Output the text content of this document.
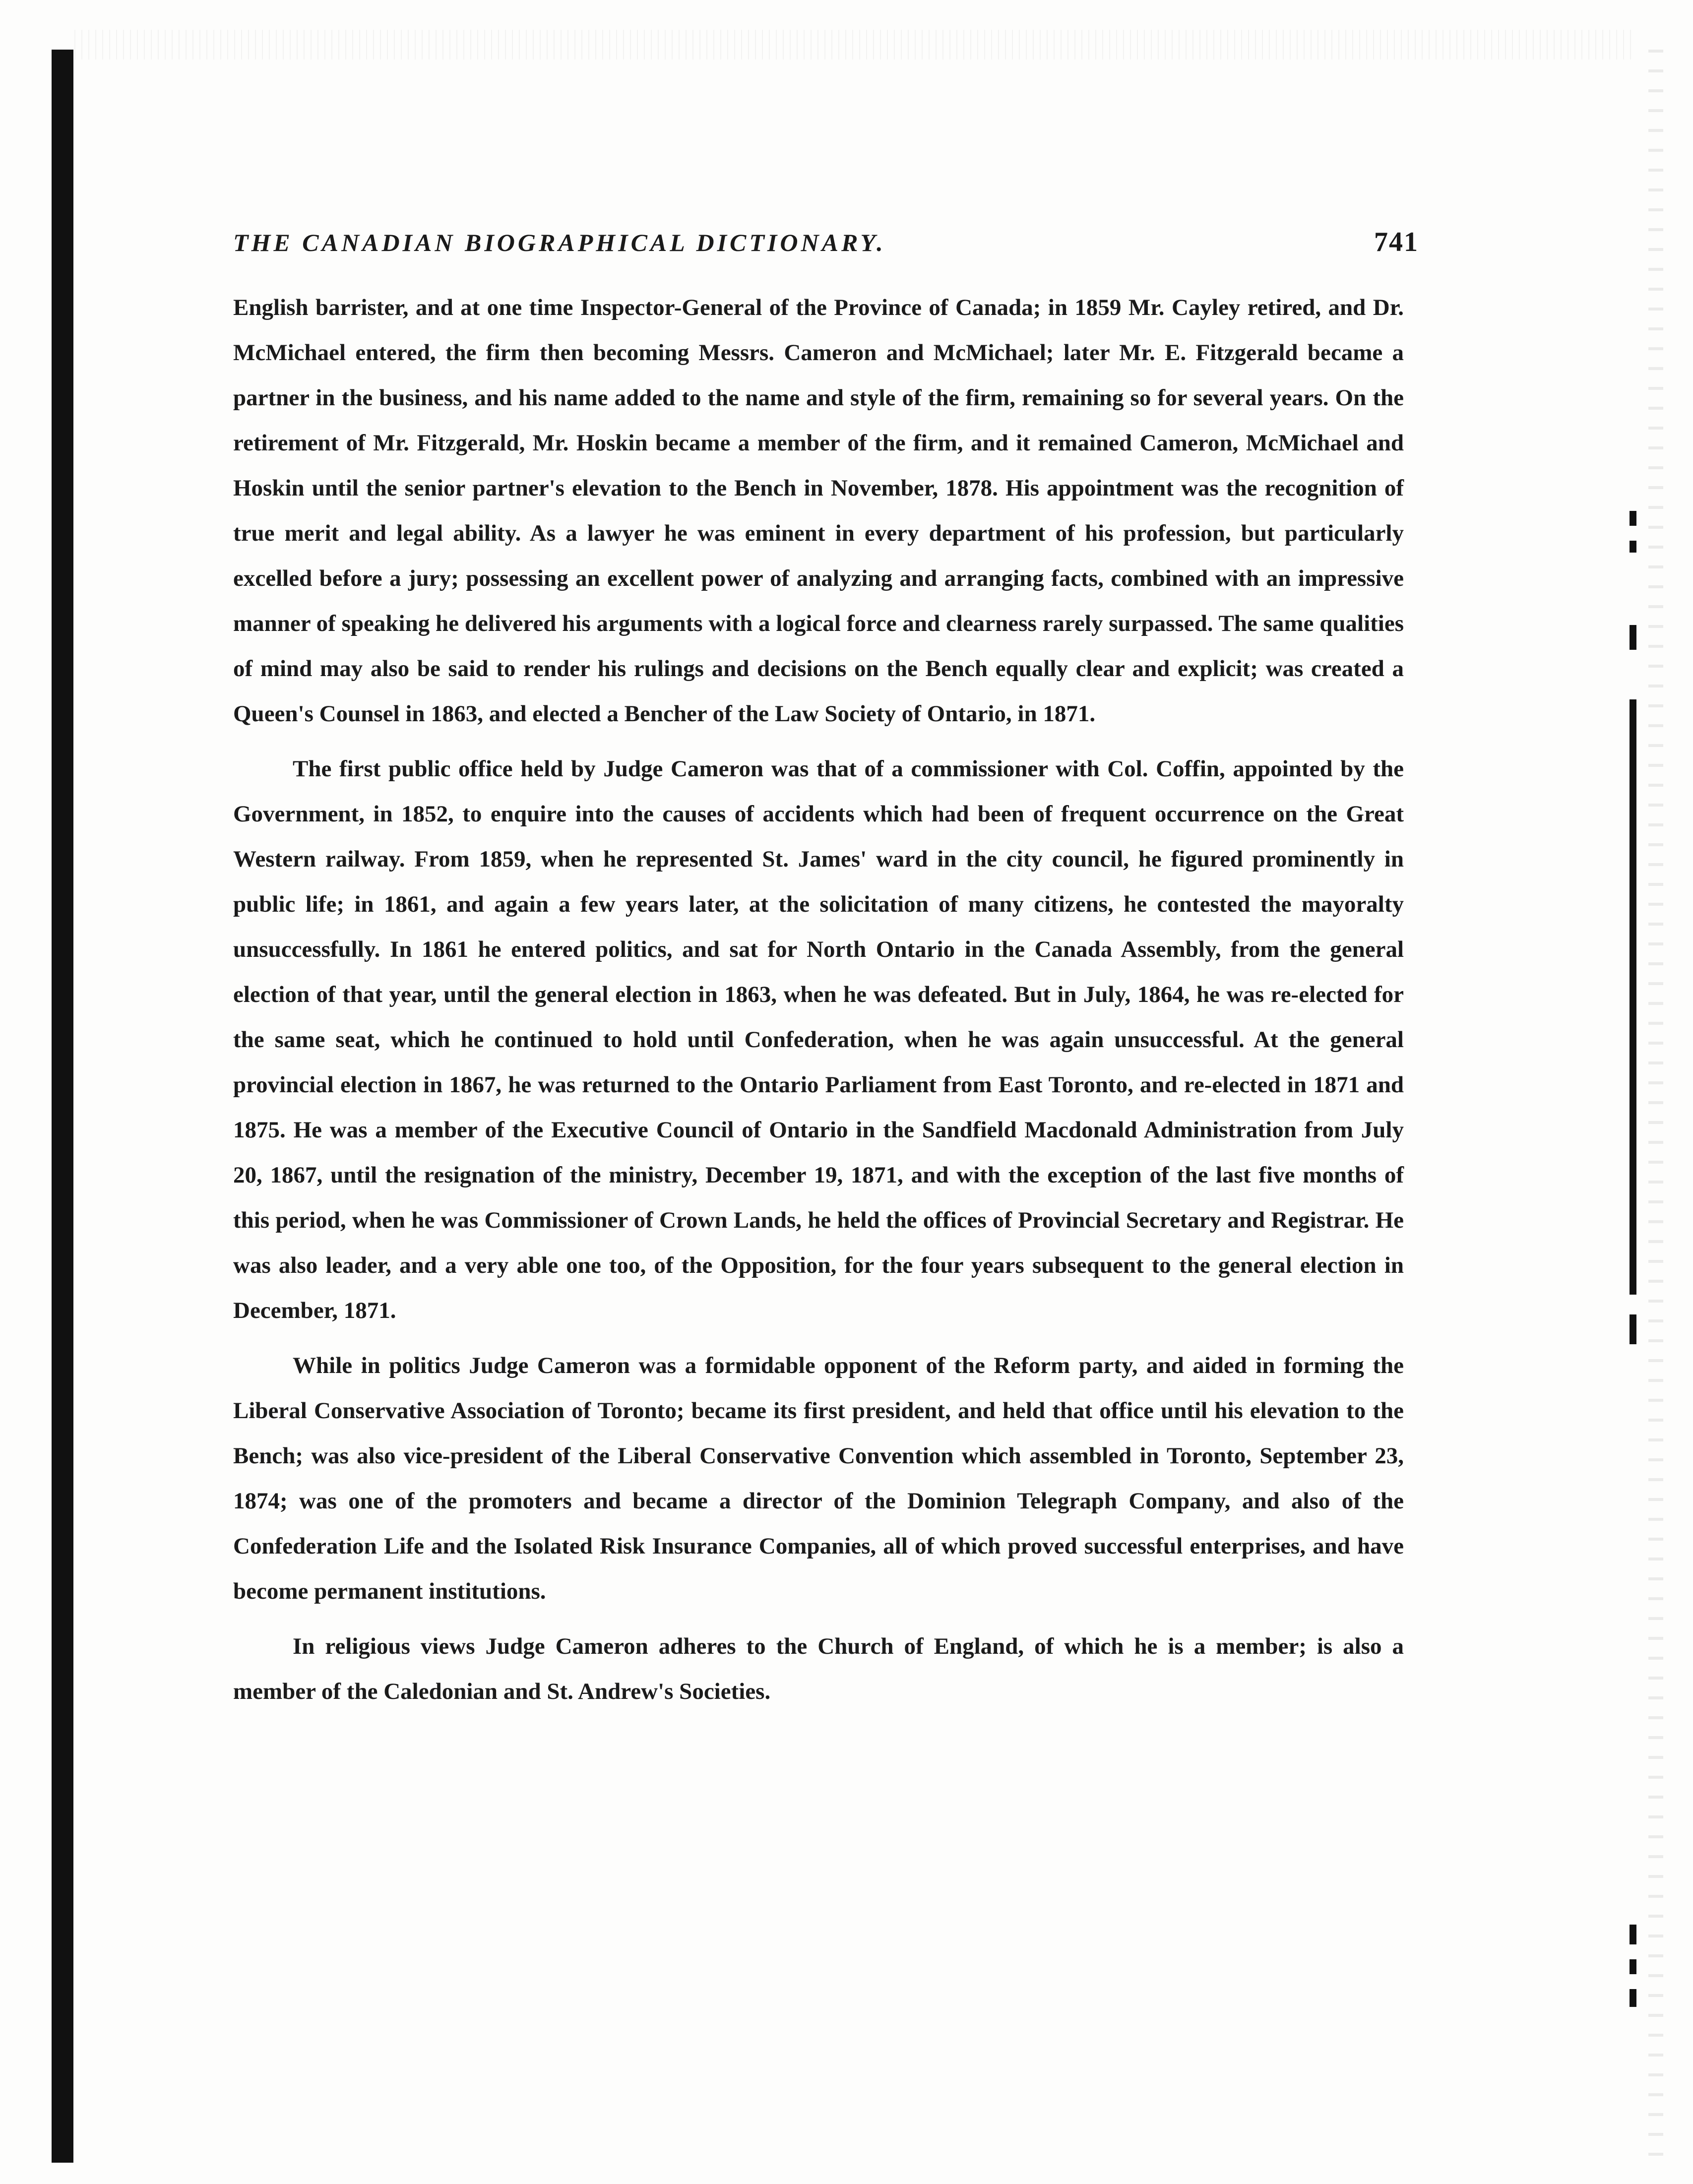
THE CANADIAN BIOGRAPHICAL DICTIONARY.	741

English barrister, and at one time Inspector-General of the Province of Canada; in 1859 Mr. Cayley retired, and Dr. McMichael entered, the firm then becoming Messrs. Cameron and McMichael; later Mr. E. Fitzgerald became a partner in the business, and his name added to the name and style of the firm, remaining so for several years. On the retirement of Mr. Fitzgerald, Mr. Hoskin became a member of the firm, and it remained Cameron, McMichael and Hoskin until the senior partner's elevation to the Bench in November, 1878. His appointment was the recognition of true merit and legal ability. As a lawyer he was eminent in every department of his profession, but particularly excelled before a jury; possessing an excellent power of analyzing and arranging facts, combined with an impressive manner of speaking he delivered his arguments with a logical force and clearness rarely surpassed. The same qualities of mind may also be said to render his rulings and decisions on the Bench equally clear and explicit; was created a Queen's Counsel in 1863, and elected a Bencher of the Law Society of Ontario, in 1871.

The first public office held by Judge Cameron was that of a commissioner with Col. Coffin, appointed by the Government, in 1852, to enquire into the causes of accidents which had been of frequent occurrence on the Great Western railway. From 1859, when he represented St. James' ward in the city council, he figured prominently in public life; in 1861, and again a few years later, at the solicitation of many citizens, he contested the mayoralty unsuccessfully. In 1861 he entered politics, and sat for North Ontario in the Canada Assembly, from the general election of that year, until the general election in 1863, when he was defeated. But in July, 1864, he was re-elected for the same seat, which he continued to hold until Confederation, when he was again unsuccessful. At the general provincial election in 1867, he was returned to the Ontario Parliament from East Toronto, and re-elected in 1871 and 1875. He was a member of the Executive Council of Ontario in the Sandfield Macdonald Administration from July 20, 1867, until the resignation of the ministry, December 19, 1871, and with the exception of the last five months of this period, when he was Commissioner of Crown Lands, he held the offices of Provincial Secretary and Registrar. He was also leader, and a very able one too, of the Opposition, for the four years subsequent to the general election in December, 1871.

While in politics Judge Cameron was a formidable opponent of the Reform party, and aided in forming the Liberal Conservative Association of Toronto; became its first president, and held that office until his elevation to the Bench; was also vice-president of the Liberal Conservative Convention which assembled in Toronto, September 23, 1874; was one of the promoters and became a director of the Dominion Telegraph Company, and also of the Confederation Life and the Isolated Risk Insurance Companies, all of which proved successful enterprises, and have become permanent institutions.

In religious views Judge Cameron adheres to the Church of England, of which he is a member; is also a member of the Caledonian and St. Andrew's Societies.
